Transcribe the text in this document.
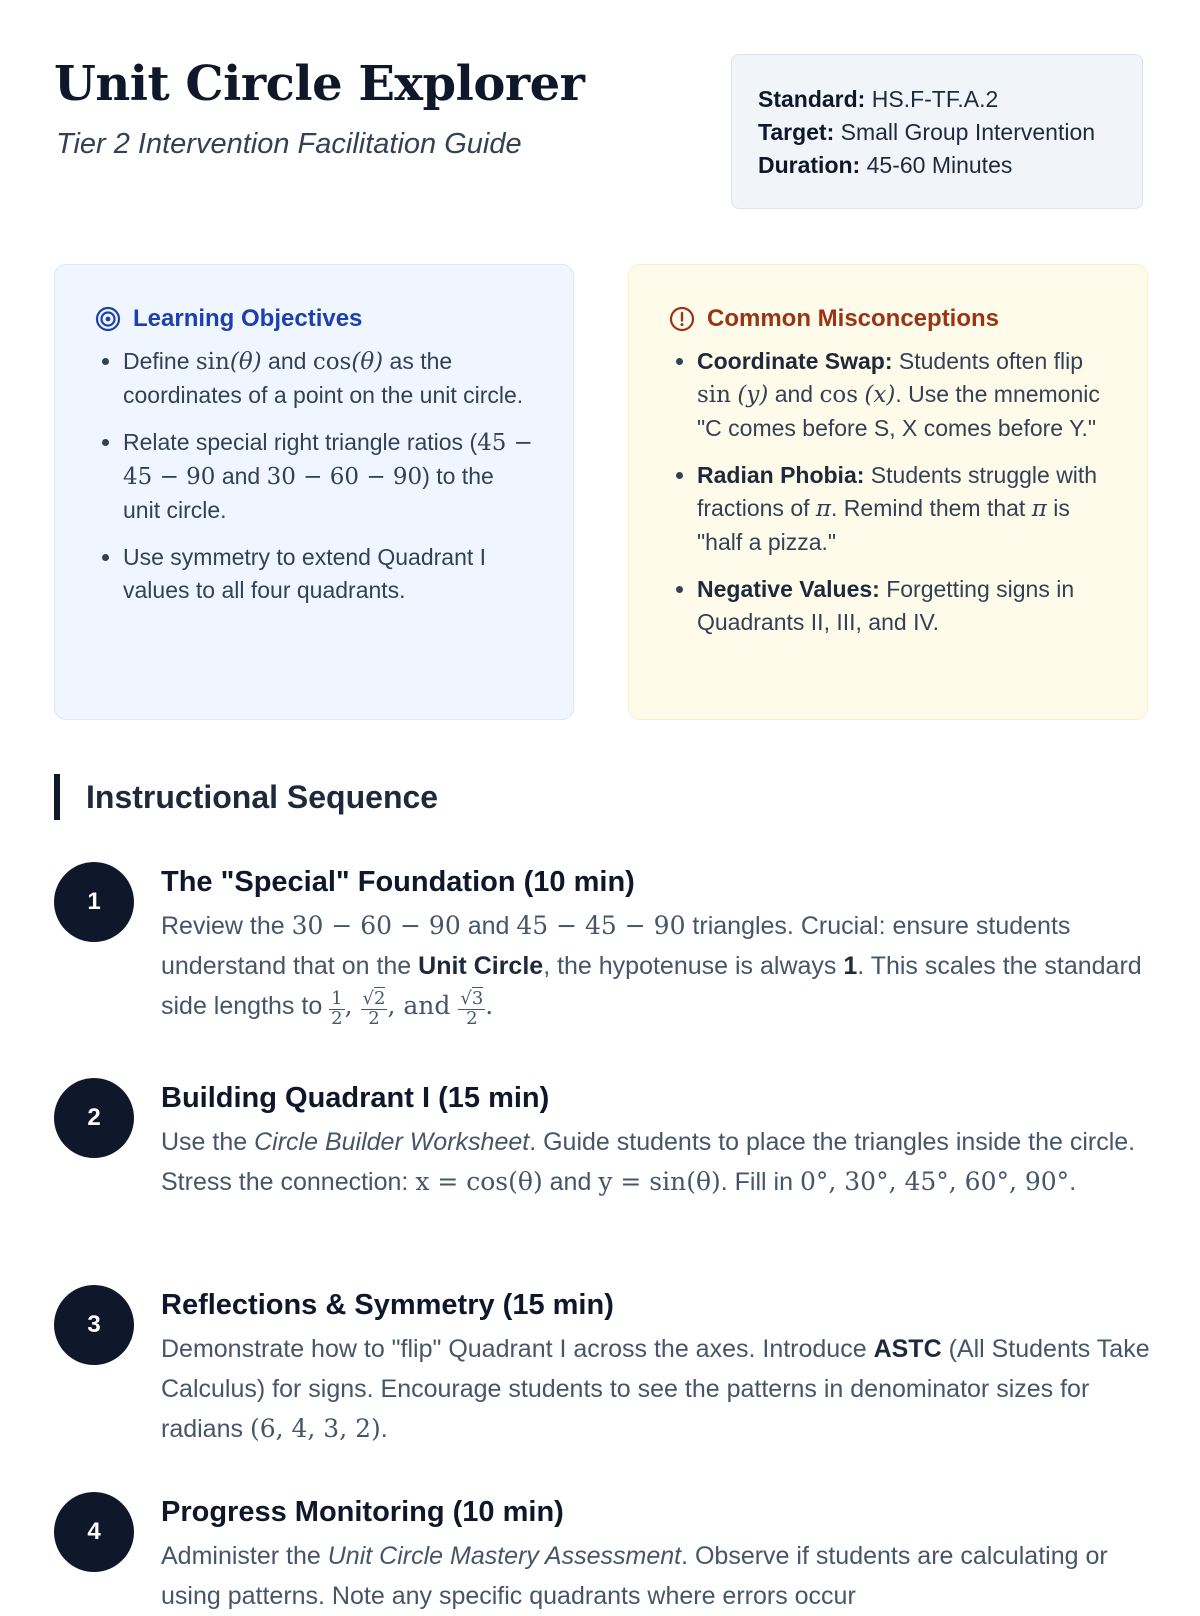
Unit Circle Explorer
Tier 2 Intervention Facilitation Guide
Standard: HS.F-TF.A.2
Target: Small Group Intervention
Duration: 45-60 Minutes
Learning Objectives
• Define sin(θ) and cos(θ) as the coordinates of a point on the unit circle.
• Relate special right triangle ratios (45 − 45 − 90 and 30 − 60 − 90) to the unit circle.
• Use symmetry to extend Quadrant I values to all four quadrants.
Common Misconceptions
• Coordinate Swap: Students often flip sin (y) and cos (x). Use the mnemonic "C comes before S, X comes before Y."
• Radian Phobia: Students struggle with fractions of π. Remind them that π is "half a pizza."
• Negative Values: Forgetting signs in Quadrants II, III, and IV.
Instructional Sequence
1
The "Special" Foundation (10 min)

Review the 30 − 60 − 90 and 45 − 45 − 90 triangles. Crucial: ensure students understand that on the Unit Circle, the hypotenuse is always 1. This scales the standard side lengths to $\frac{1}{2}$ , $\frac{√2}{2}$ , and $\frac{√3}{2}$ .

2
Building Quadrant I (15 min)

Use the Circle Builder Worksheet. Guide students to place the triangles inside the circle. Stress the connection: x = cos(θ) and y = sin(θ). Fill in 0°, 30°, 45°, 60°, 90°.

3
Reflections & Symmetry (15 min)

Demonstrate how to "flip" Quadrant I across the axes. Introduce ASTC (All Students Take Calculus) for signs. Encourage students to see the patterns in denominator sizes for radians (6, 4, 3, 2).

4
Progress Monitoring (10 min)

Administer the Unit Circle Mastery Assessment. Observe if students are calculating or using patterns. Note any specific quadrants where errors occur
